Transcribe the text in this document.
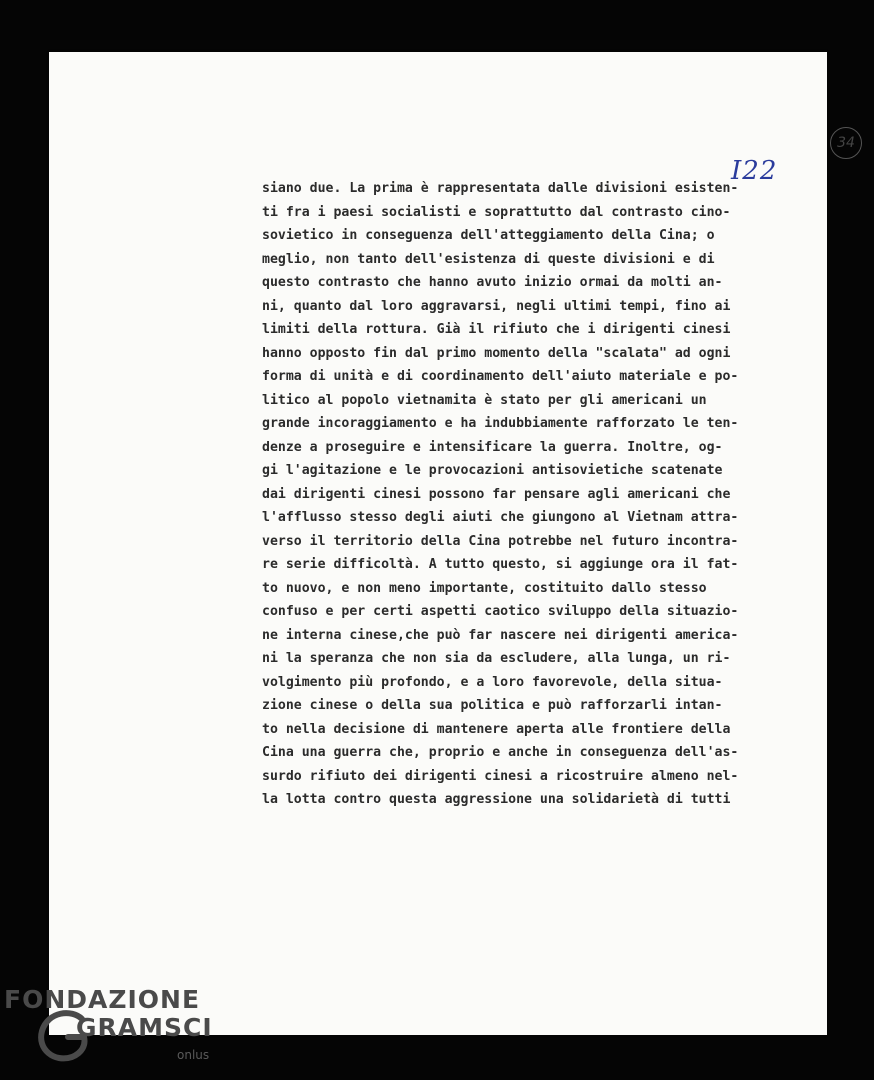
34
I22
siano due. La prima è rappresentata dalle divisioni esisten-
ti fra i paesi socialisti e soprattutto dal contrasto cino-
sovietico in conseguenza dell'atteggiamento della Cina; o
meglio, non tanto dell'esistenza di queste divisioni e di
questo contrasto che hanno avuto inizio ormai da molti an-
ni, quanto dal loro aggravarsi, negli ultimi tempi, fino ai
limiti della rottura. Già il rifiuto che i dirigenti cinesi
hanno opposto fin dal primo momento della "scalata" ad ogni
forma di unità e di coordinamento dell'aiuto materiale e po-
litico al popolo vietnamita è stato per gli americani un
grande incoraggiamento e ha indubbiamente rafforzato le ten-
denze a proseguire e intensificare la guerra. Inoltre, og-
gi l'agitazione e le provocazioni antisovietiche scatenate
dai dirigenti cinesi possono far pensare agli americani che
l'afflusso stesso degli aiuti che giungono al Vietnam attra-
verso il territorio della Cina potrebbe nel futuro incontra-
re serie difficoltà. A tutto questo, si aggiunge ora il fat-
to nuovo, e non meno importante, costituito dallo stesso
confuso e per certi aspetti caotico sviluppo della situazio-
ne interna cinese,che può far nascere nei dirigenti america-
ni la speranza che non sia da escludere, alla lunga, un ri-
volgimento più profondo, e a loro favorevole, della situa-
zione cinese o della sua politica e può rafforzarli intan-
to nella decisione di mantenere aperta alle frontiere della
Cina una guerra che, proprio e anche in conseguenza dell'as-
surdo rifiuto dei dirigenti cinesi a ricostruire almeno nel-
la lotta contro questa aggressione una solidarietà di tutti
FONDAZIONE
GRAMSCI
onlus
